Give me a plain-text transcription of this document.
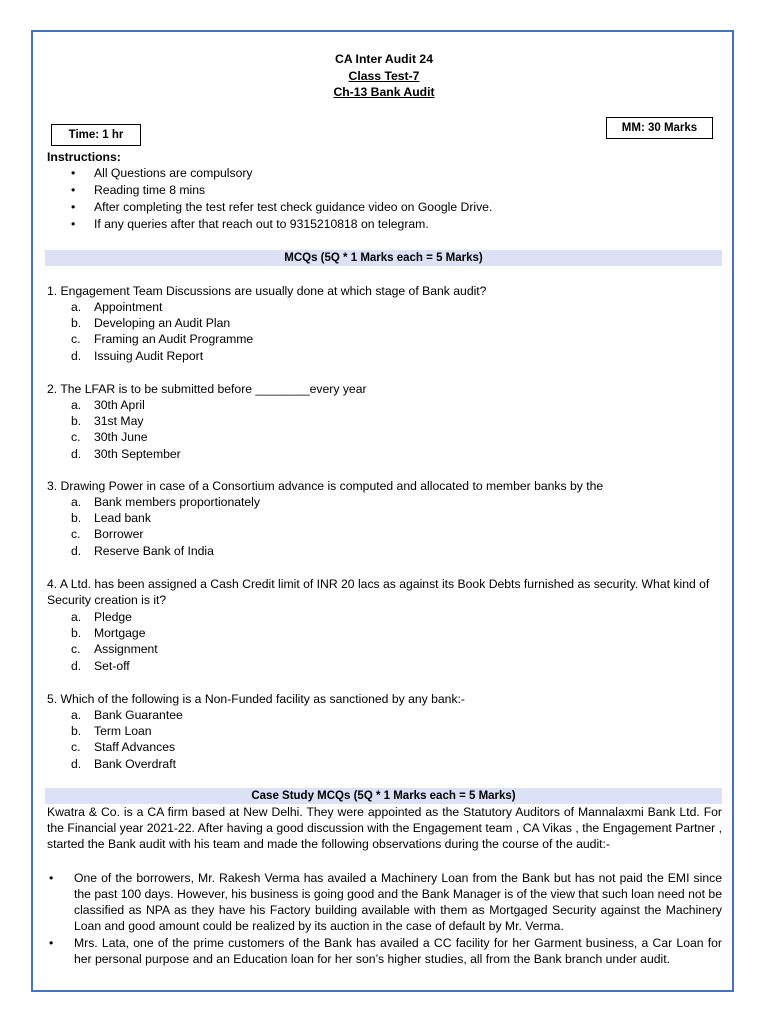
CA Inter Audit 24
Class Test-7
Ch-13 Bank Audit
Time: 1 hr
MM: 30 Marks
Instructions:
• All Questions are compulsory
• Reading time 8 mins
• After completing the test refer test check guidance video on Google Drive.
• If any queries after that reach out to 9315210818 on telegram.
MCQs (5Q * 1 Marks each = 5 Marks)
1. Engagement Team Discussions are usually done at which stage of Bank audit?
a.	Appointment
b.	Developing an Audit Plan
c.	Framing an Audit Programme
d.	Issuing Audit Report
2. The LFAR is to be submitted before ________every year
a.	30th April
b.	31st May
c.	30th June
d.	30th September
3. Drawing Power in case of a Consortium advance is computed and allocated to member banks by the
a.	Bank members proportionately
b.	Lead bank
c.	Borrower
d.	Reserve Bank of India
4. A Ltd. has been assigned a Cash Credit limit of INR 20 lacs as against its Book Debts furnished as security. What kind of Security creation is it?
a.	Pledge
b.	Mortgage
c.	Assignment
d.	Set-off
5. Which of the following is a Non-Funded facility as sanctioned by any bank:-
a.	Bank Guarantee
b.	Term Loan
c.	Staff Advances
d.	Bank Overdraft
Case Study MCQs (5Q * 1 Marks each = 5 Marks)
Kwatra & Co. is a CA firm based at New Delhi. They were appointed as the Statutory Auditors of Mannalaxmi Bank Ltd. For the Financial year 2021-22. After having a good discussion with the Engagement team , CA Vikas , the Engagement Partner , started the Bank audit with his team and made the following observations during the course of the audit:-
• One of the borrowers, Mr. Rakesh Verma has availed a Machinery Loan from the Bank but has not paid the EMI since the past 100 days. However, his business is going good and the Bank Manager is of the view that such loan need not be classified as NPA as they have his Factory building available with them as Mortgaged Security against the Machinery Loan and good amount could be realized by its auction in the case of default by Mr. Verma.
• Mrs. Lata, one of the prime customers of the Bank has availed a CC facility for her Garment business, a Car Loan for her personal purpose and an Education loan for her son’s higher studies, all from the Bank branch under audit.
